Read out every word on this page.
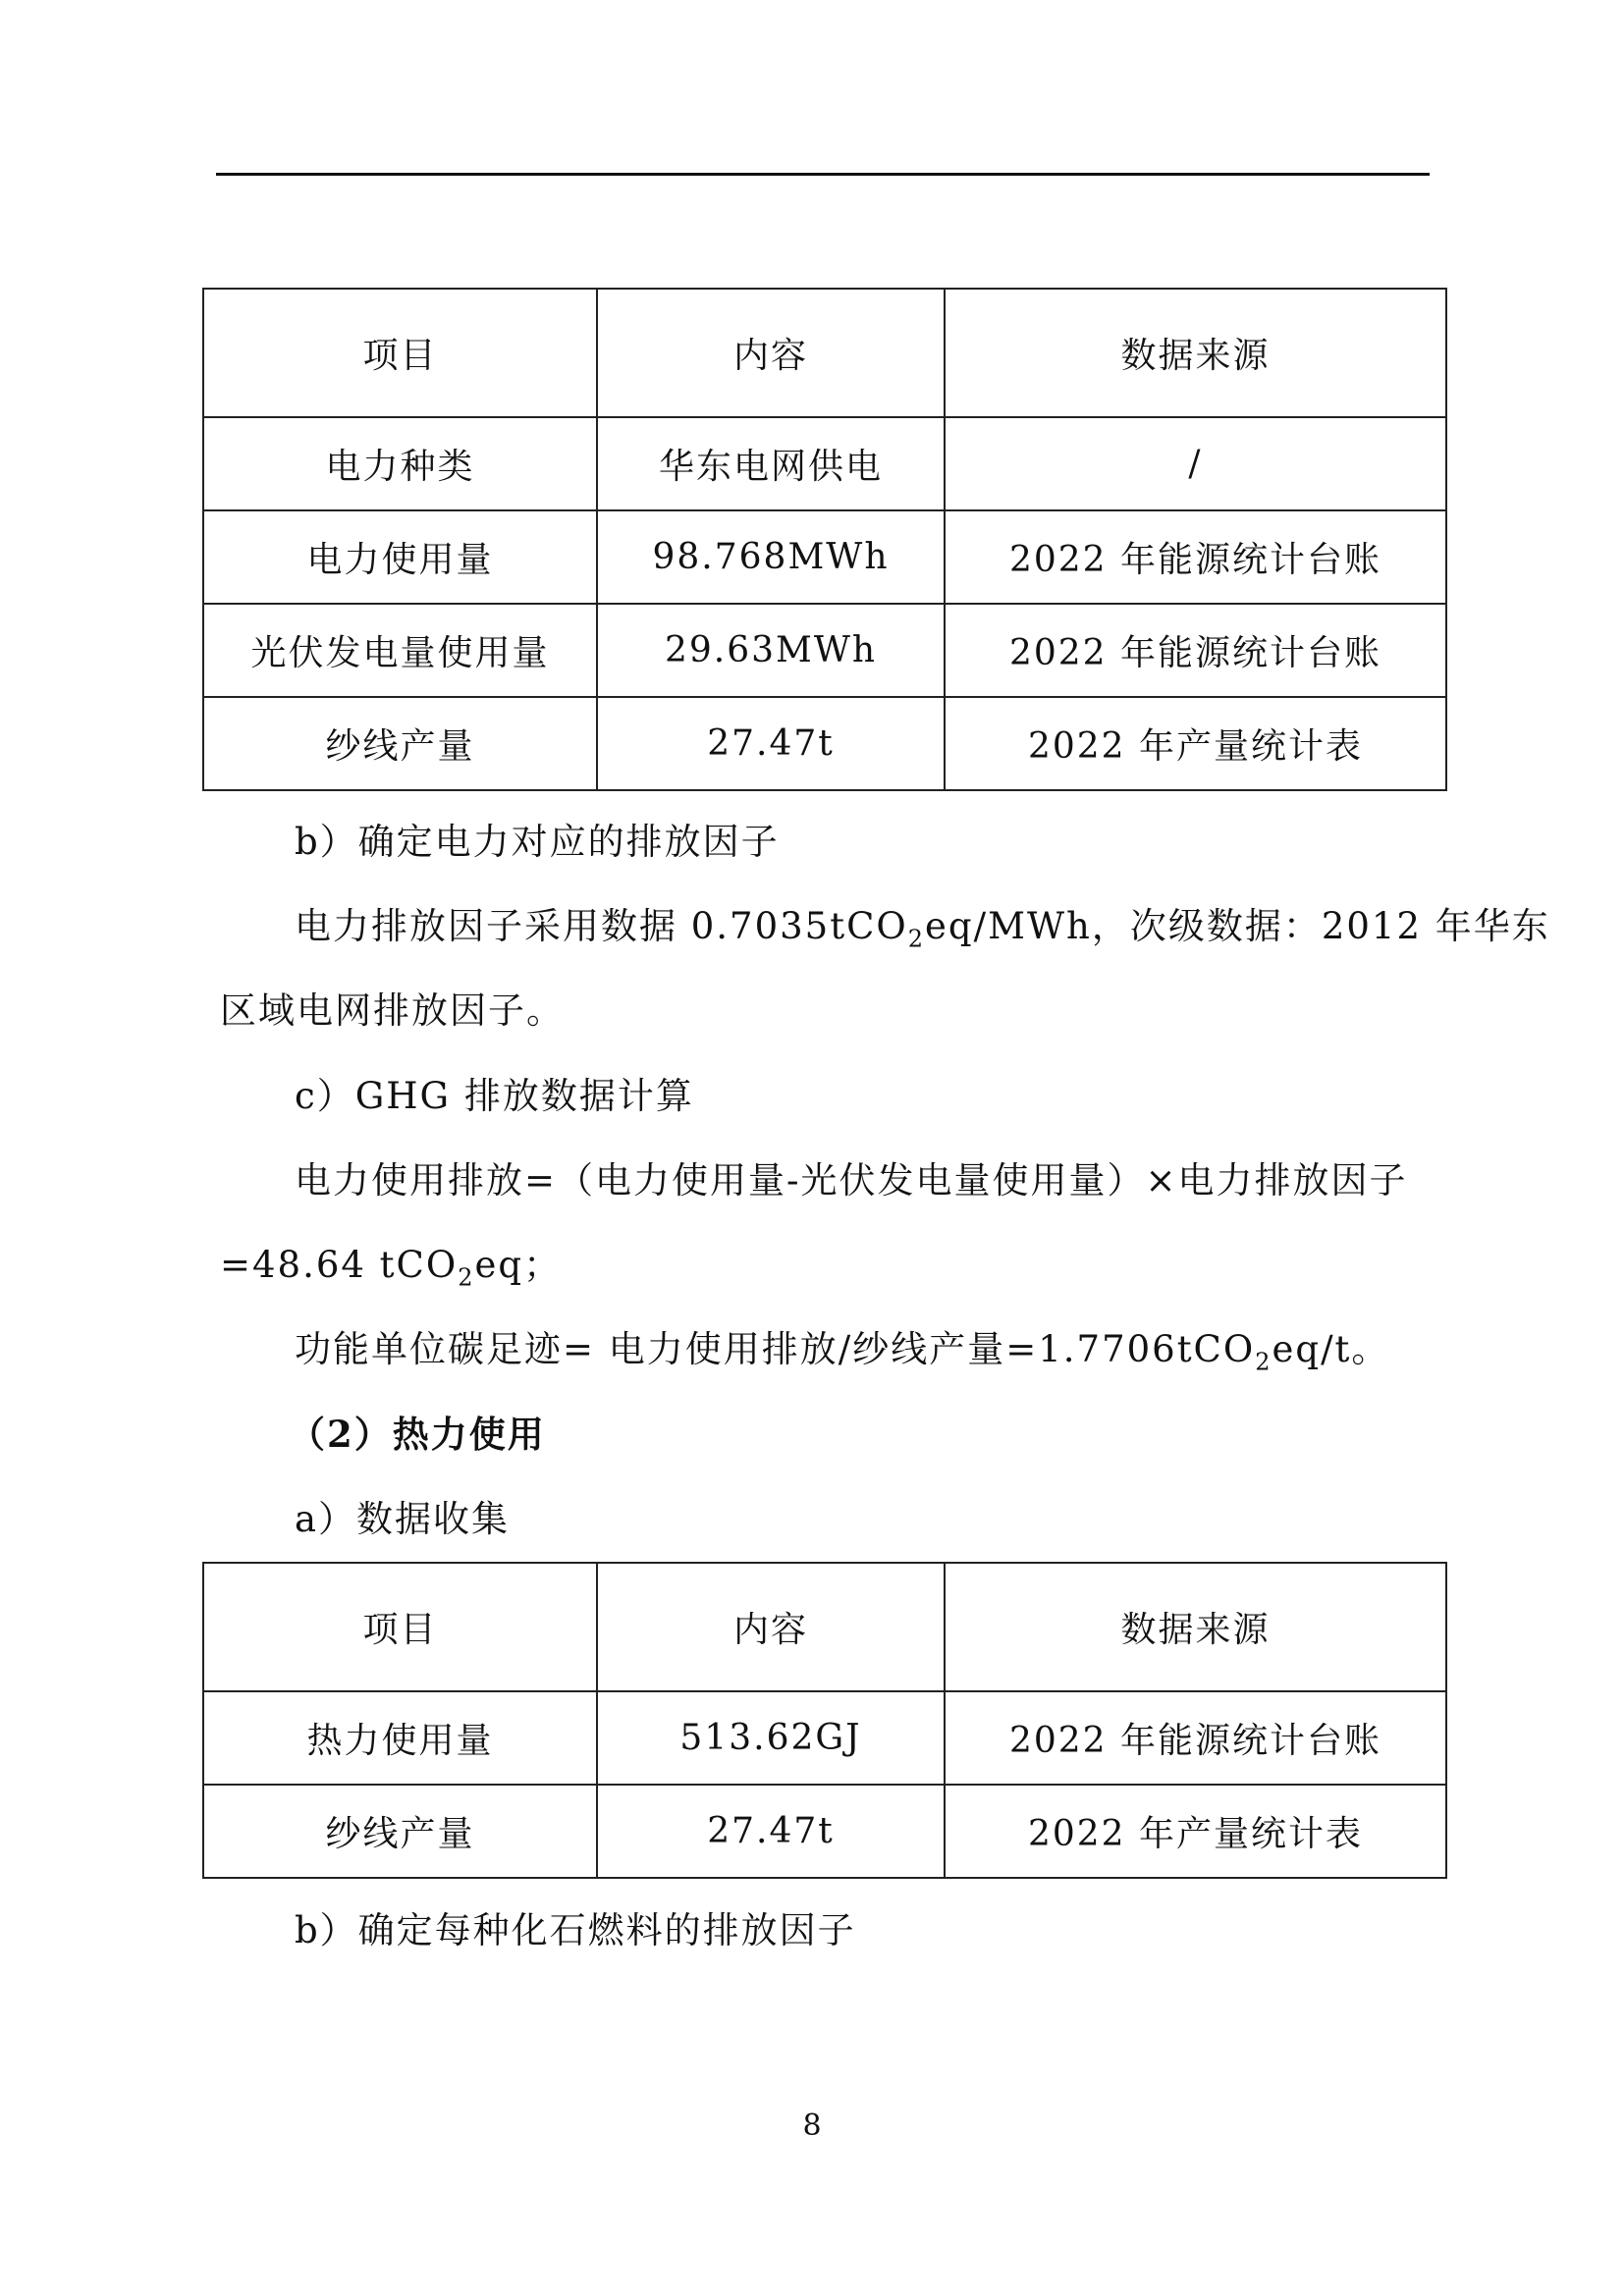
项目	内容	数据来源
电力种类	华东电网供电	/
电力使用量	98.768MWh	2022 年能源统计台账
光伏发电量使用量	29.63MWh	2022 年能源统计台账
纱线产量	27.47t	2022 年产量统计表
b）确定电力对应的排放因子
电力排放因子采用数据 0.7035tCO$_2$eq/MWh，次级数据：2012 年华东
区域电网排放因子。
c）GHG 排放数据计算
电力使用排放=（电力使用量-光伏发电量使用量）×电力排放因子
=48.64 tCO$_2$eq；
功能单位碳足迹= 电力使用排放/纱线产量=1.7706tCO$_2$eq/t。
（2）热力使用
a）数据收集
项目	内容	数据来源
热力使用量	513.62GJ	2022 年能源统计台账
纱线产量	27.47t	2022 年产量统计表
b）确定每种化石燃料的排放因子
8
